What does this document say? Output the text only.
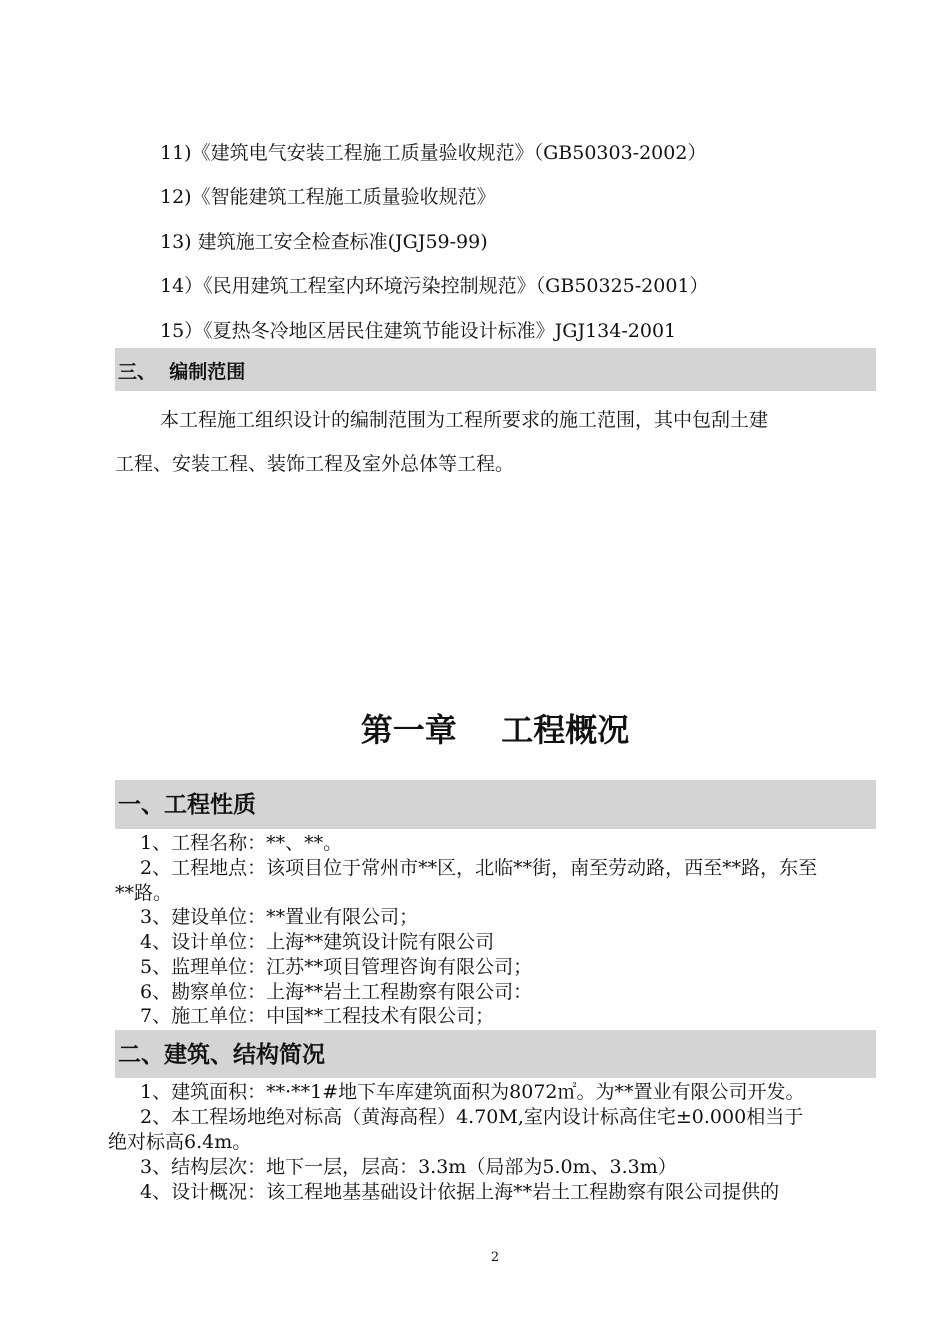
11)《建筑电气安装工程施工质量验收规范》（GB50303-2002）
12)《智能建筑工程施工质量验收规范》
13) 建筑施工安全检查标准(JGJ59-99)
14）《民用建筑工程室内环境污染控制规范》（GB50325-2001）
15）《夏热冬冷地区居民住建筑节能设计标准》JGJ134-2001
三、  编制范围
本工程施工组织设计的编制范围为工程所要求的施工范围，其中包刮土建
工程、安装工程、装饰工程及室外总体等工程。
第一章    工程概况
一、工程性质
1、工程名称：**、**。
2、工程地点：该项目位于常州市**区，北临**街，南至劳动路，西至**路，东至
**路。
3、建设单位：**置业有限公司；
4、设计单位：上海**建筑设计院有限公司
5、监理单位：江苏**项目管理咨询有限公司；
6、勘察单位：上海**岩土工程勘察有限公司：
7、施工单位：中国**工程技术有限公司；
二、建筑、结构简况
1、建筑面积：**·**1#地下车库建筑面积为8072㎡。为**置业有限公司开发。
2、本工程场地绝对标高（黄海高程）4.70M,室内设计标高住宅±0.000相当于
绝对标高6.4m。
3、结构层次：地下一层，层高：3.3m（局部为5.0m、3.3m）
4、设计概况：该工程地基基础设计依据上海**岩土工程勘察有限公司提供的
2
